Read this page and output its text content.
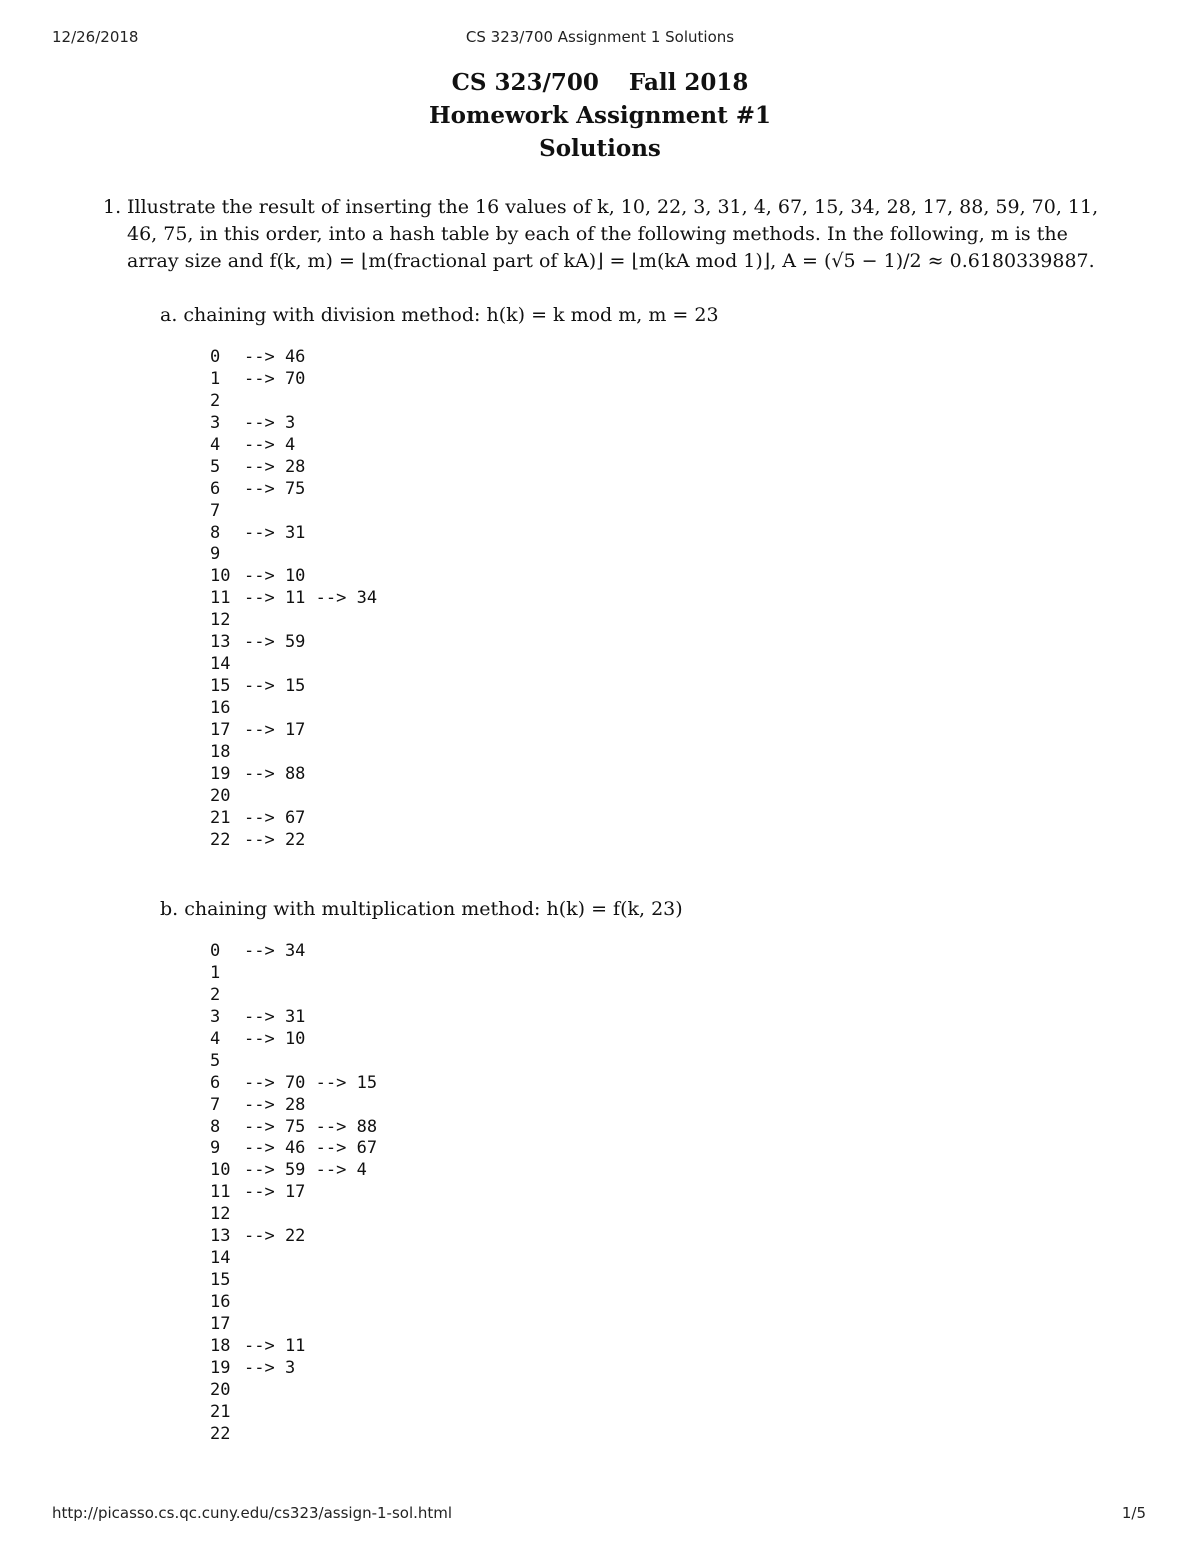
12/26/2018	CS 323/700 Assignment 1 Solutions
CS 323/700 Fall 2018
Homework Assignment #1
Solutions
1. Illustrate the result of inserting the 16 values of k, 10, 22, 3, 31, 4, 67, 15, 34, 28, 17, 88, 59, 70, 11, 46, 75, in this order, into a hash table by each of the following methods. In the following, m is the array size and f(k, m) = ⌊m(fractional part of kA)⌋ = ⌊m(kA mod 1)⌋, A = (√5 − 1)/2 ≈ 0.6180339887.
a. chaining with division method: h(k) = k mod m, m = 23
0 --> 46
1 --> 70
2
3 --> 3
4 --> 4
5 --> 28
6 --> 75
7
8 --> 31
9
10 --> 10
11 --> 11 --> 34
12
13 --> 59
14
15 --> 15
16
17 --> 17
18
19 --> 88
20
21 --> 67
22 --> 22
b. chaining with multiplication method: h(k) = f(k, 23)
0 --> 34
1
2
3 --> 31
4 --> 10
5
6 --> 70 --> 15
7 --> 28
8 --> 75 --> 88
9 --> 46 --> 67
10 --> 59 --> 4
11 --> 17
12
13 --> 22
14
15
16
17
18 --> 11
19 --> 3
20
21
22
http://picasso.cs.qc.cuny.edu/cs323/assign-1-sol.html	1/5
